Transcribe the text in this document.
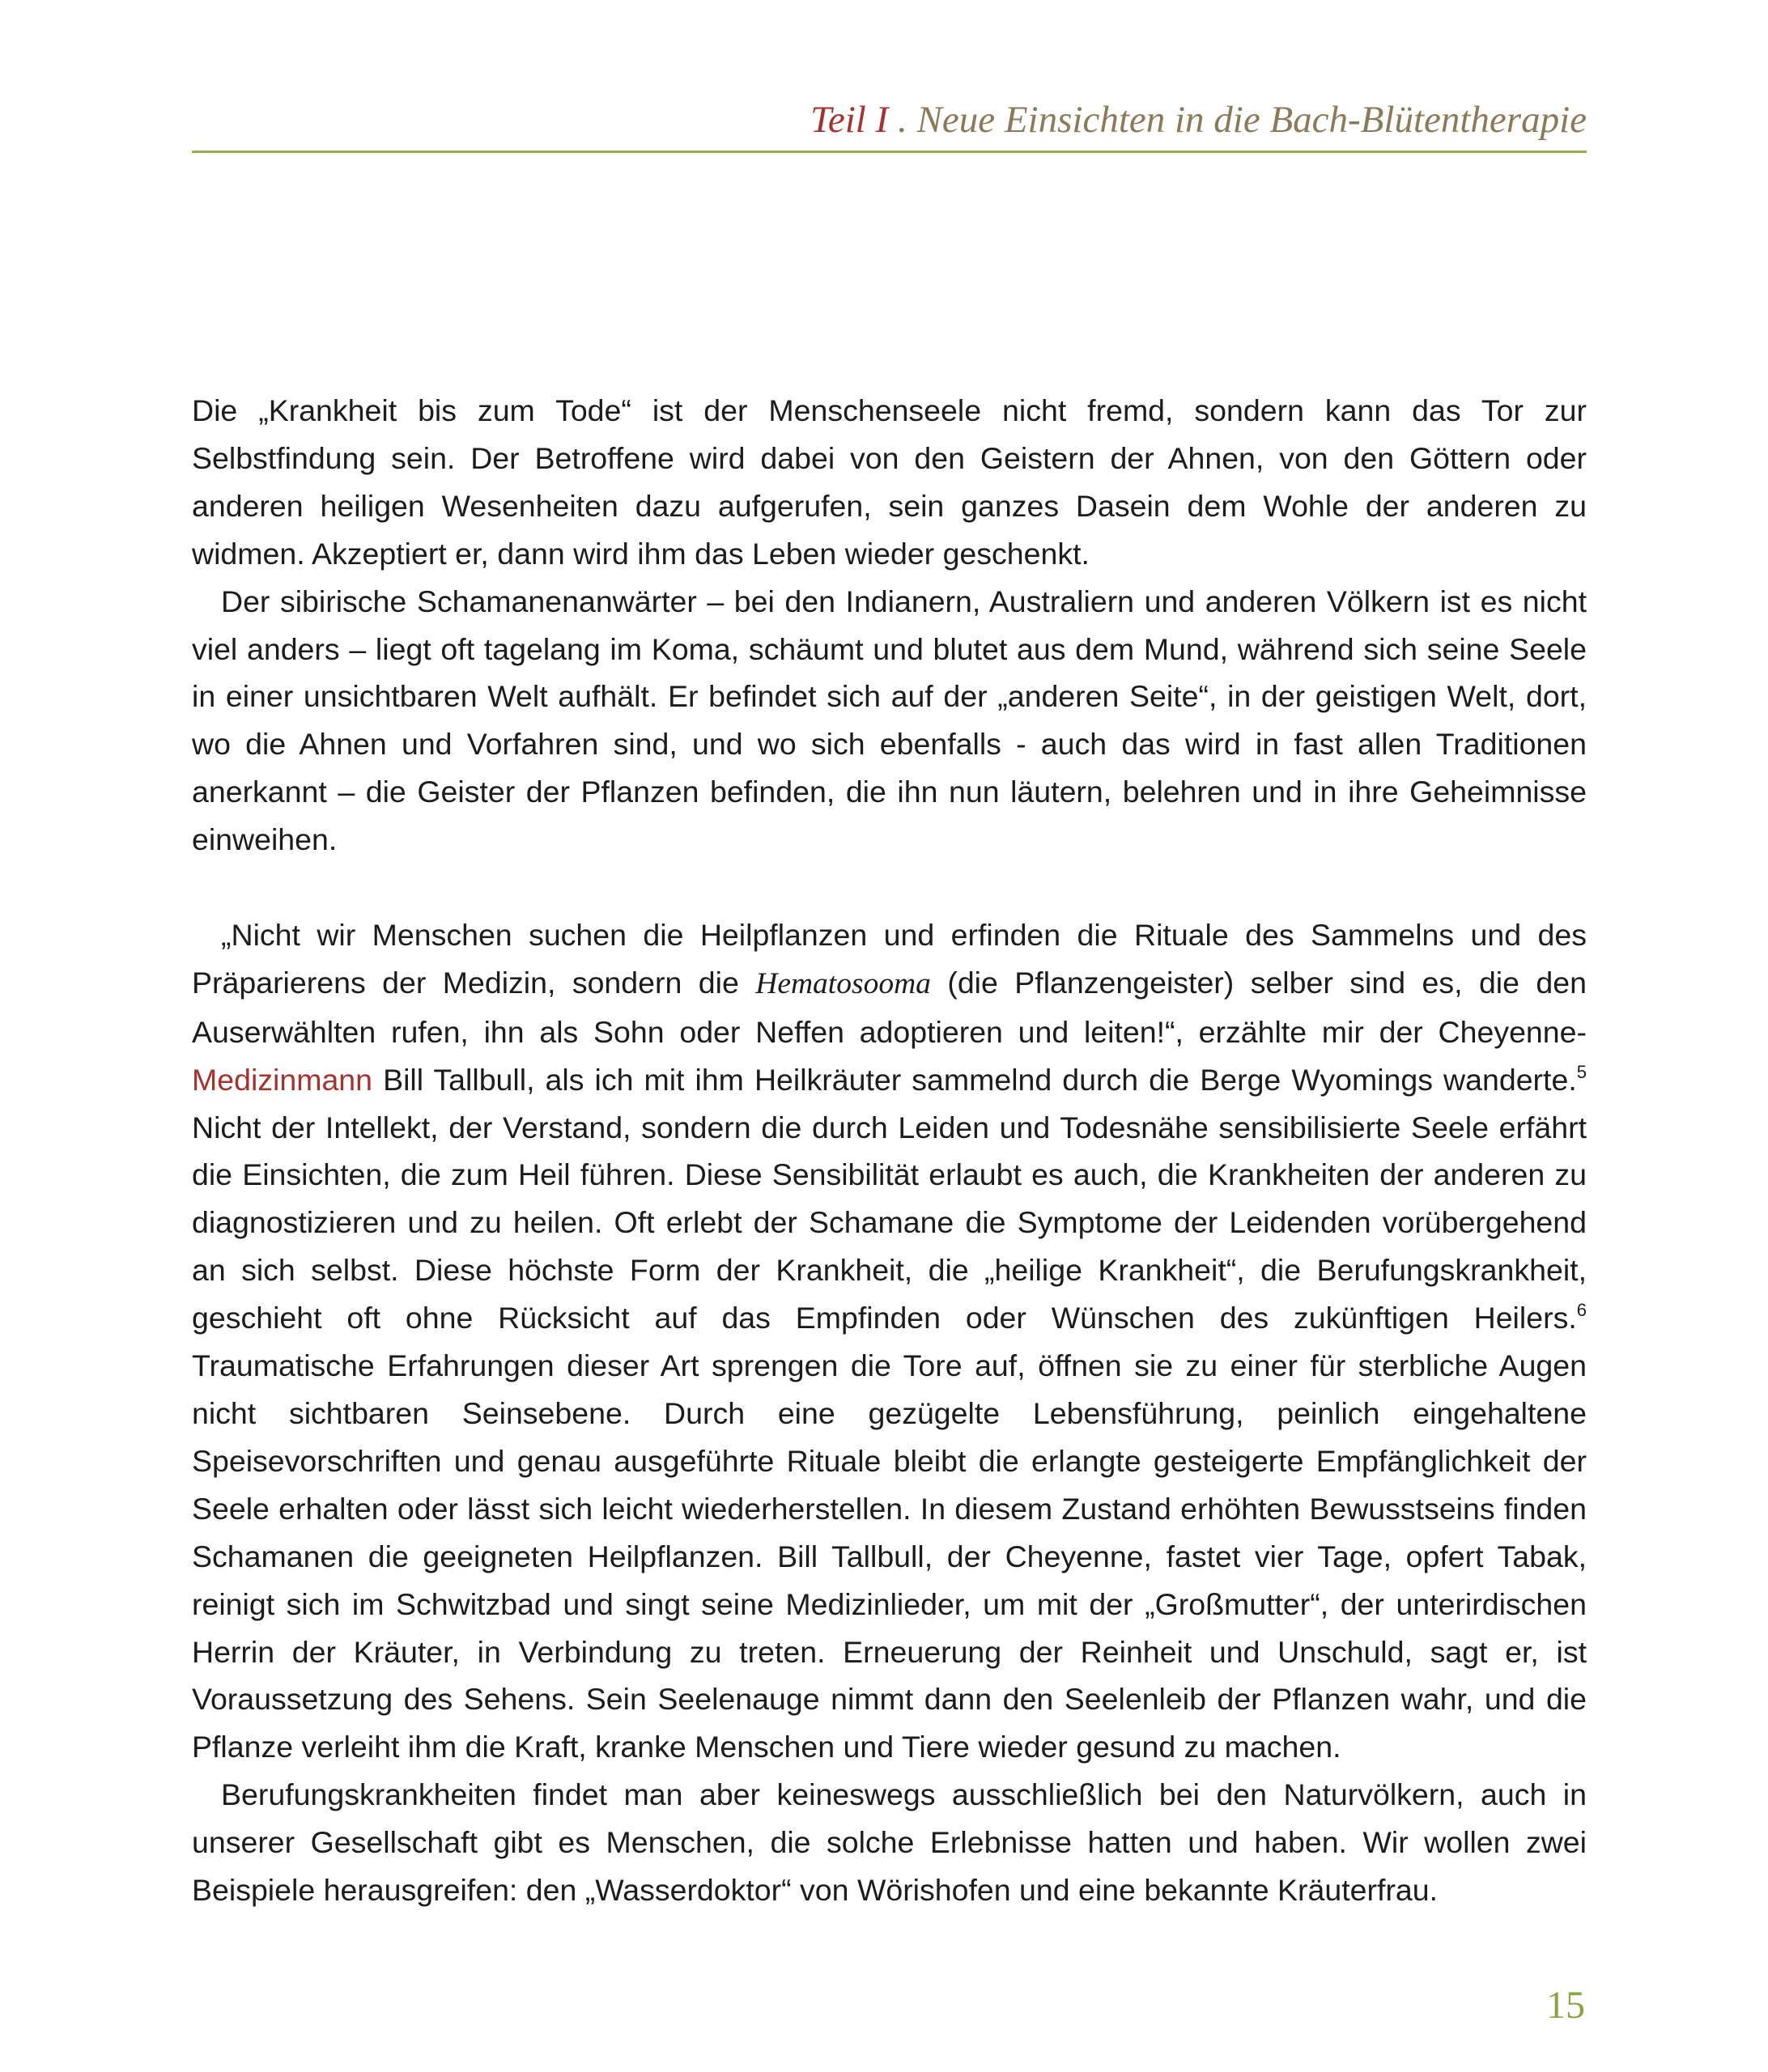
Teil I . Neue Einsichten in die Bach-Blütentherapie

Die „Krankheit bis zum Tode“ ist der Menschenseele nicht fremd, sondern kann das Tor zur Selbstfindung sein. Der Betroffene wird dabei von den Geistern der Ahnen, von den Göttern oder anderen heiligen Wesenheiten dazu aufgerufen, sein ganzes Dasein dem Wohle der anderen zu widmen. Akzeptiert er, dann wird ihm das Leben wieder geschenkt.

Der sibirische Schamanenanwärter – bei den Indianern, Australiern und anderen Völkern ist es nicht viel anders – liegt oft tagelang im Koma, schäumt und blutet aus dem Mund, während sich seine Seele in einer unsichtbaren Welt aufhält. Er befindet sich auf der „anderen Seite“, in der geistigen Welt, dort, wo die Ahnen und Vorfahren sind, und wo sich ebenfalls - auch das wird in fast allen Traditionen anerkannt – die Geister der Pflanzen befinden, die ihn nun läutern, belehren und in ihre Geheimnisse einweihen.

„Nicht wir Menschen suchen die Heilpflanzen und erfinden die Rituale des Sammelns und des Präparierens der Medizin, sondern die Hematosooma (die Pflanzengeister) selber sind es, die den Auserwählten rufen, ihn als Sohn oder Neffen adoptieren und leiten!“, erzählte mir der Cheyenne-Medizinmann Bill Tallbull, als ich mit ihm Heilkräuter sammelnd durch die Berge Wyomings wanderte.$^5$ Nicht der Intellekt, der Verstand, sondern die durch Leiden und Todesnähe sensibilisierte Seele erfährt die Einsichten, die zum Heil führen. Diese Sensibilität erlaubt es auch, die Krankheiten der anderen zu diagnostizieren und zu heilen. Oft erlebt der Schamane die Symptome der Leidenden vorübergehend an sich selbst. Diese höchste Form der Krankheit, die „heilige Krankheit“, die Berufungskrankheit, geschieht oft ohne Rücksicht auf das Empfinden oder Wünschen des zukünftigen Heilers.$^6$ Traumatische Erfahrungen dieser Art sprengen die Tore auf, öffnen sie zu einer für sterbliche Augen nicht sichtbaren Seinsebene. Durch eine gezügelte Lebensführung, peinlich eingehaltene Speisevorschriften und genau ausgeführte Rituale bleibt die erlangte gesteigerte Empfänglichkeit der Seele erhalten oder lässt sich leicht wiederherstellen. In diesem Zustand erhöhten Bewusstseins finden Schamanen die geeigneten Heilpflanzen. Bill Tallbull, der Cheyenne, fastet vier Tage, opfert Tabak, reinigt sich im Schwitzbad und singt seine Medizinlieder, um mit der „Großmutter“, der unterirdischen Herrin der Kräuter, in Verbindung zu treten. Erneuerung der Reinheit und Unschuld, sagt er, ist Voraussetzung des Sehens. Sein Seelenauge nimmt dann den Seelenleib der Pflanzen wahr, und die Pflanze verleiht ihm die Kraft, kranke Menschen und Tiere wieder gesund zu machen.

Berufungskrankheiten findet man aber keineswegs ausschließlich bei den Naturvölkern, auch in unserer Gesellschaft gibt es Menschen, die solche Erlebnisse hatten und haben. Wir wollen zwei Beispiele herausgreifen: den „Wasserdoktor“ von Wörishofen und eine bekannte Kräuterfrau.

15
